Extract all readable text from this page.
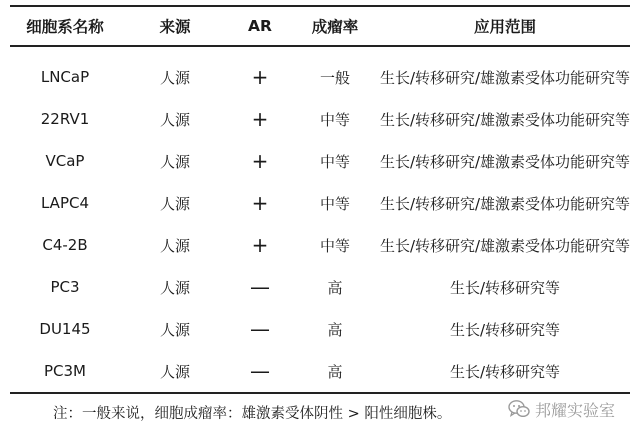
细胞系名称	来源	AR	成瘤率	应用范围
LNCaP	人源	+	一般	生长/转移研究/雄激素受体功能研究等
22RV1	人源	+	中等	生长/转移研究/雄激素受体功能研究等
VCaP	人源	+	中等	生长/转移研究/雄激素受体功能研究等
LAPC4	人源	+	中等	生长/转移研究/雄激素受体功能研究等
C4-2B	人源	+	中等	生长/转移研究/雄激素受体功能研究等
PC3	人源	—	高	生长/转移研究等
DU145	人源	—	高	生长/转移研究等
PC3M	人源	—	高	生长/转移研究等
注：一般来说，细胞成瘤率：雄激素受体阴性 > 阳性细胞株。	邦耀实验室
